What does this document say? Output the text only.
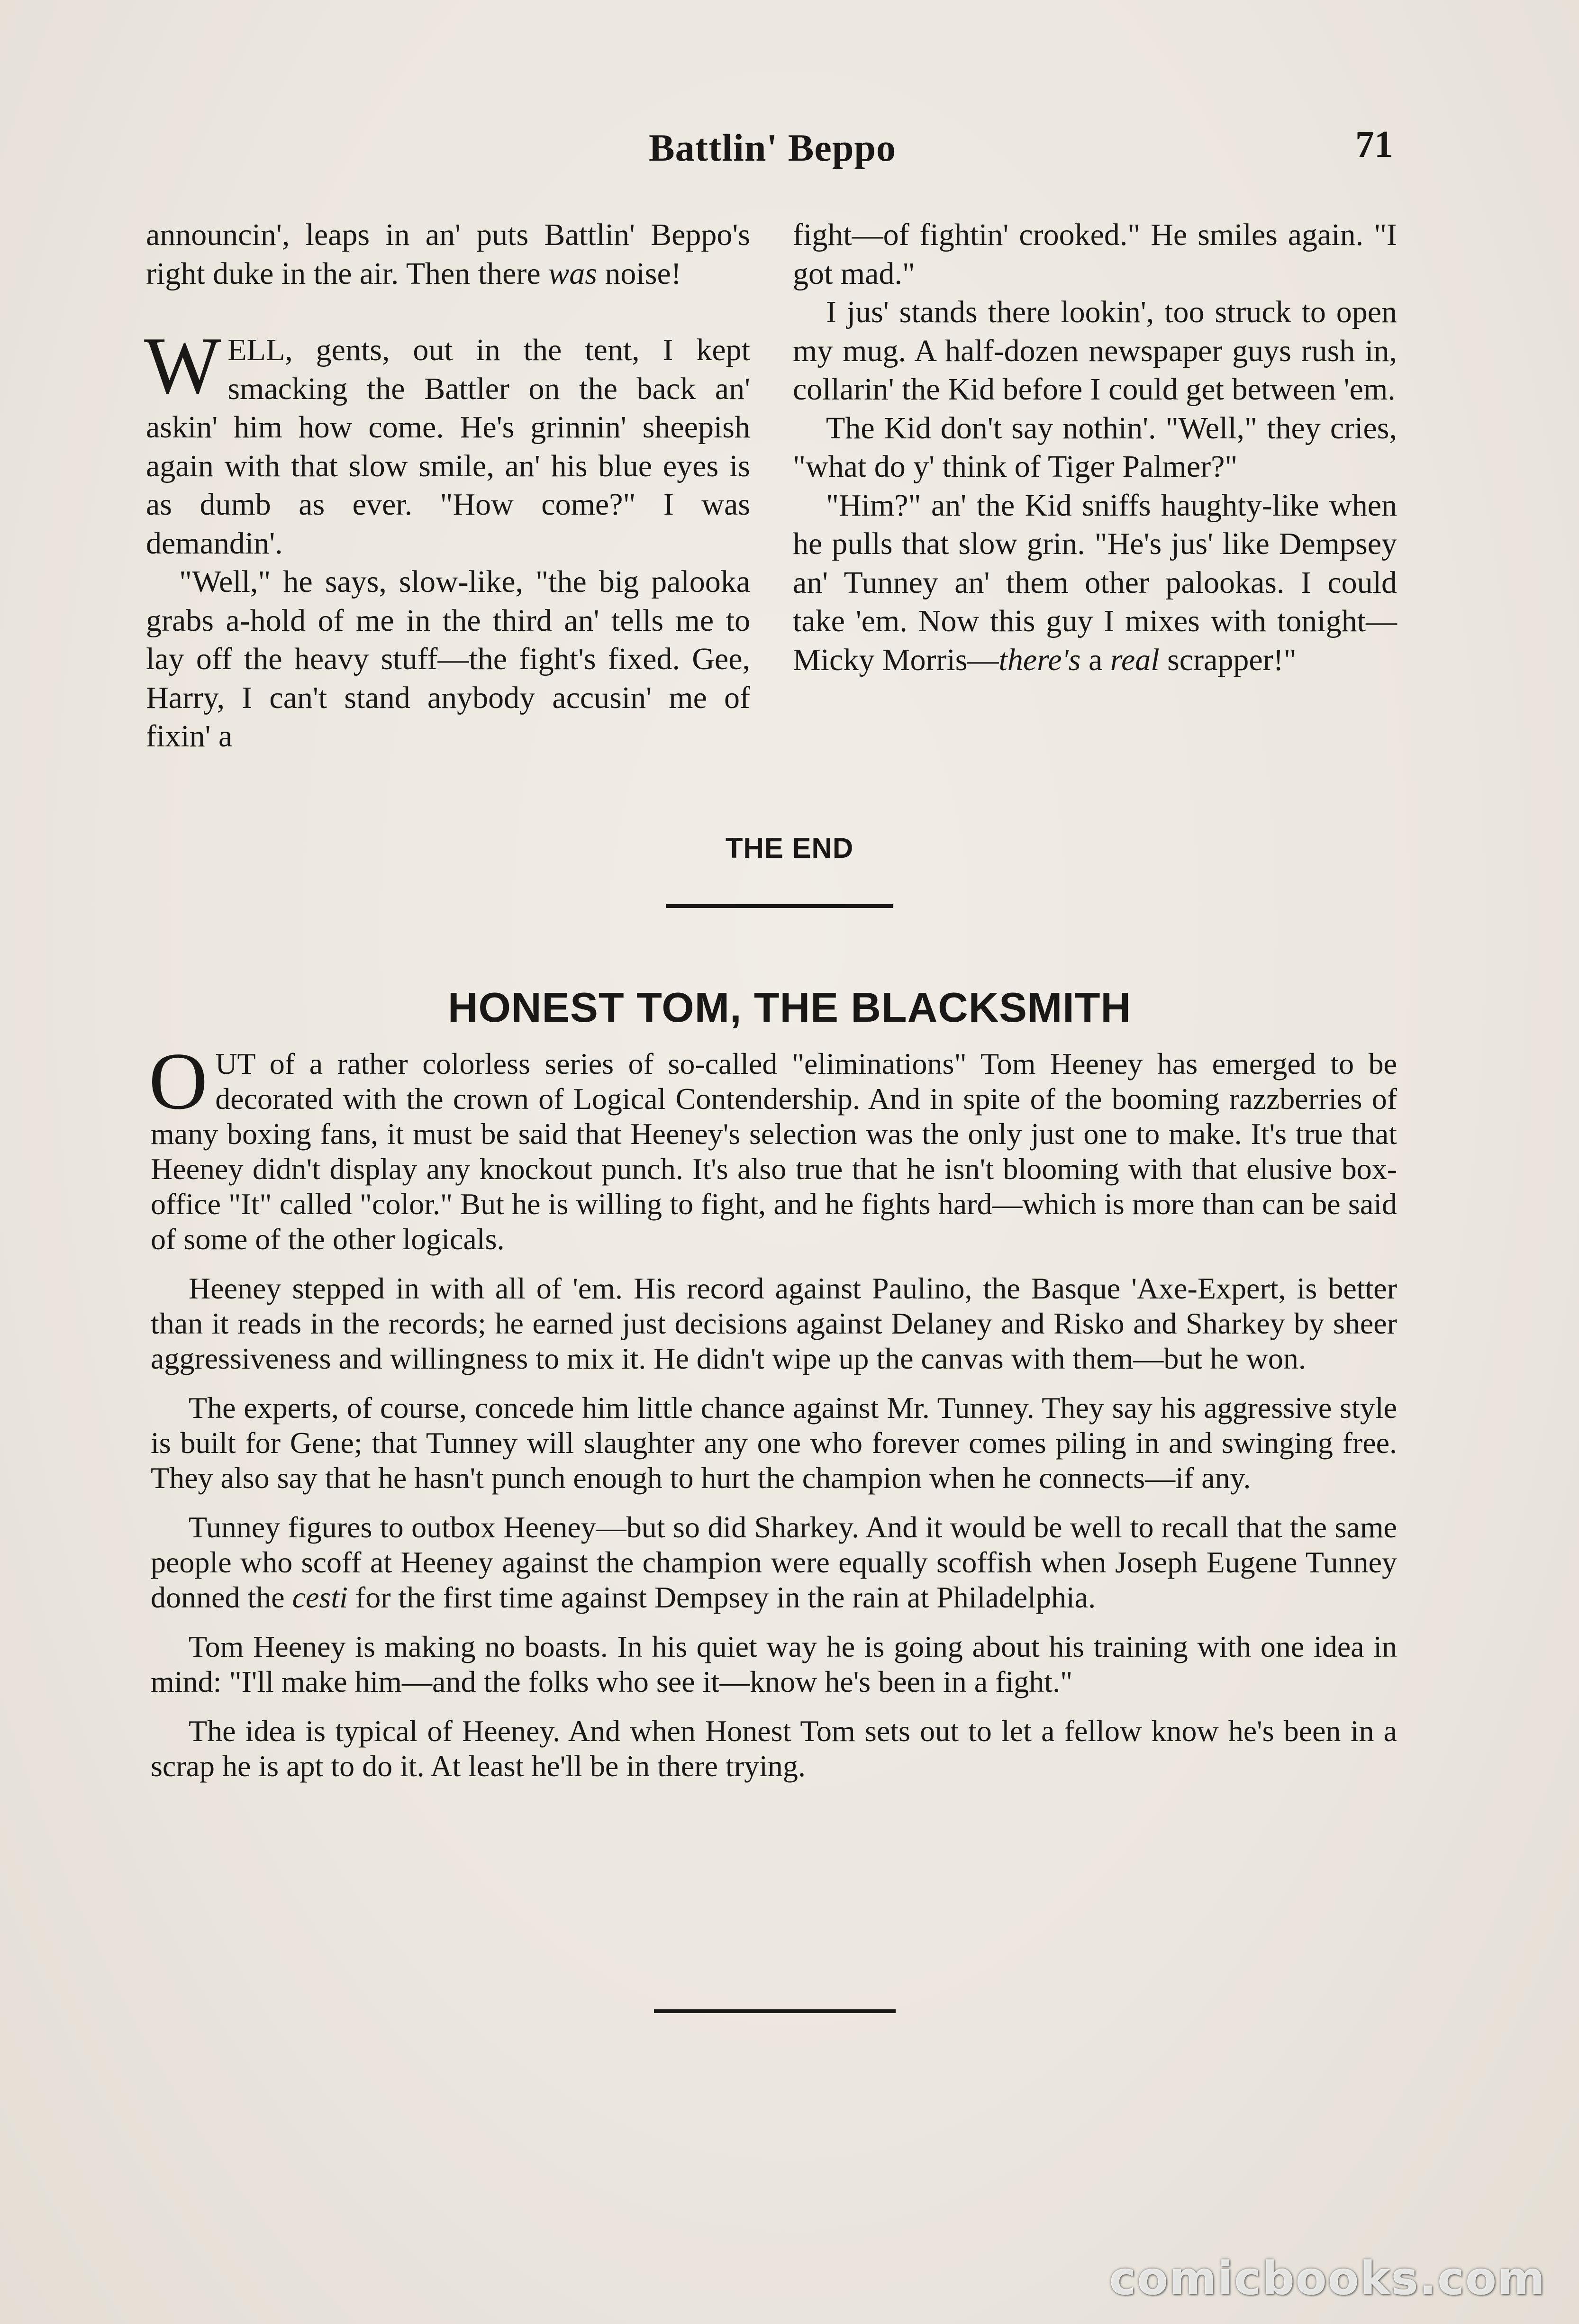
Battlin' Beppo	71

announcin', leaps in an' puts Battlin' Beppo's right duke in the air. Then there was noise!

WELL, gents, out in the tent, I kept smacking the Battler on the back an' askin' him how come. He's grinnin' sheepish again with that slow smile, an' his blue eyes is as dumb as ever. "How come?" I was demandin'.

"Well," he says, slow-like, "the big palooka grabs a-hold of me in the third an' tells me to lay off the heavy stuff—the fight's fixed. Gee, Harry, I can't stand anybody accusin' me of fixin' a

fight—of fightin' crooked." He smiles again. "I got mad."

I jus' stands there lookin', too struck to open my mug. A half-dozen newspaper guys rush in, collarin' the Kid before I could get between 'em.

The Kid don't say nothin'. "Well," they cries, "what do y' think of Tiger Palmer?"

"Him?" an' the Kid sniffs haughty-like when he pulls that slow grin. "He's jus' like Dempsey an' Tunney an' them other palookas. I could take 'em. Now this guy I mixes with tonight—Micky Morris—there's a real scrapper!"

THE END
HONEST TOM, THE BLACKSMITH

OUT of a rather colorless series of so-called "eliminations" Tom Heeney has emerged to be decorated with the crown of Logical Contendership. And in spite of the booming razzberries of many boxing fans, it must be said that Heeney's selection was the only just one to make. It's true that Heeney didn't display any knockout punch. It's also true that he isn't blooming with that elusive box-office "It" called "color." But he is willing to fight, and he fights hard—which is more than can be said of some of the other logicals.

Heeney stepped in with all of 'em. His record against Paulino, the Basque 'Axe-Expert, is better than it reads in the records; he earned just decisions against Delaney and Risko and Sharkey by sheer aggressiveness and willingness to mix it. He didn't wipe up the canvas with them—but he won.

The experts, of course, concede him little chance against Mr. Tunney. They say his aggressive style is built for Gene; that Tunney will slaughter any one who forever comes piling in and swinging free. They also say that he hasn't punch enough to hurt the champion when he connects—if any.

Tunney figures to outbox Heeney—but so did Sharkey. And it would be well to recall that the same people who scoff at Heeney against the champion were equally scoffish when Joseph Eugene Tunney donned the cesti for the first time against Dempsey in the rain at Philadelphia.

Tom Heeney is making no boasts. In his quiet way he is going about his training with one idea in mind: "I'll make him—and the folks who see it—know he's been in a fight."

The idea is typical of Heeney. And when Honest Tom sets out to let a fellow know he's been in a scrap he is apt to do it. At least he'll be in there trying.

comicbooks.com
